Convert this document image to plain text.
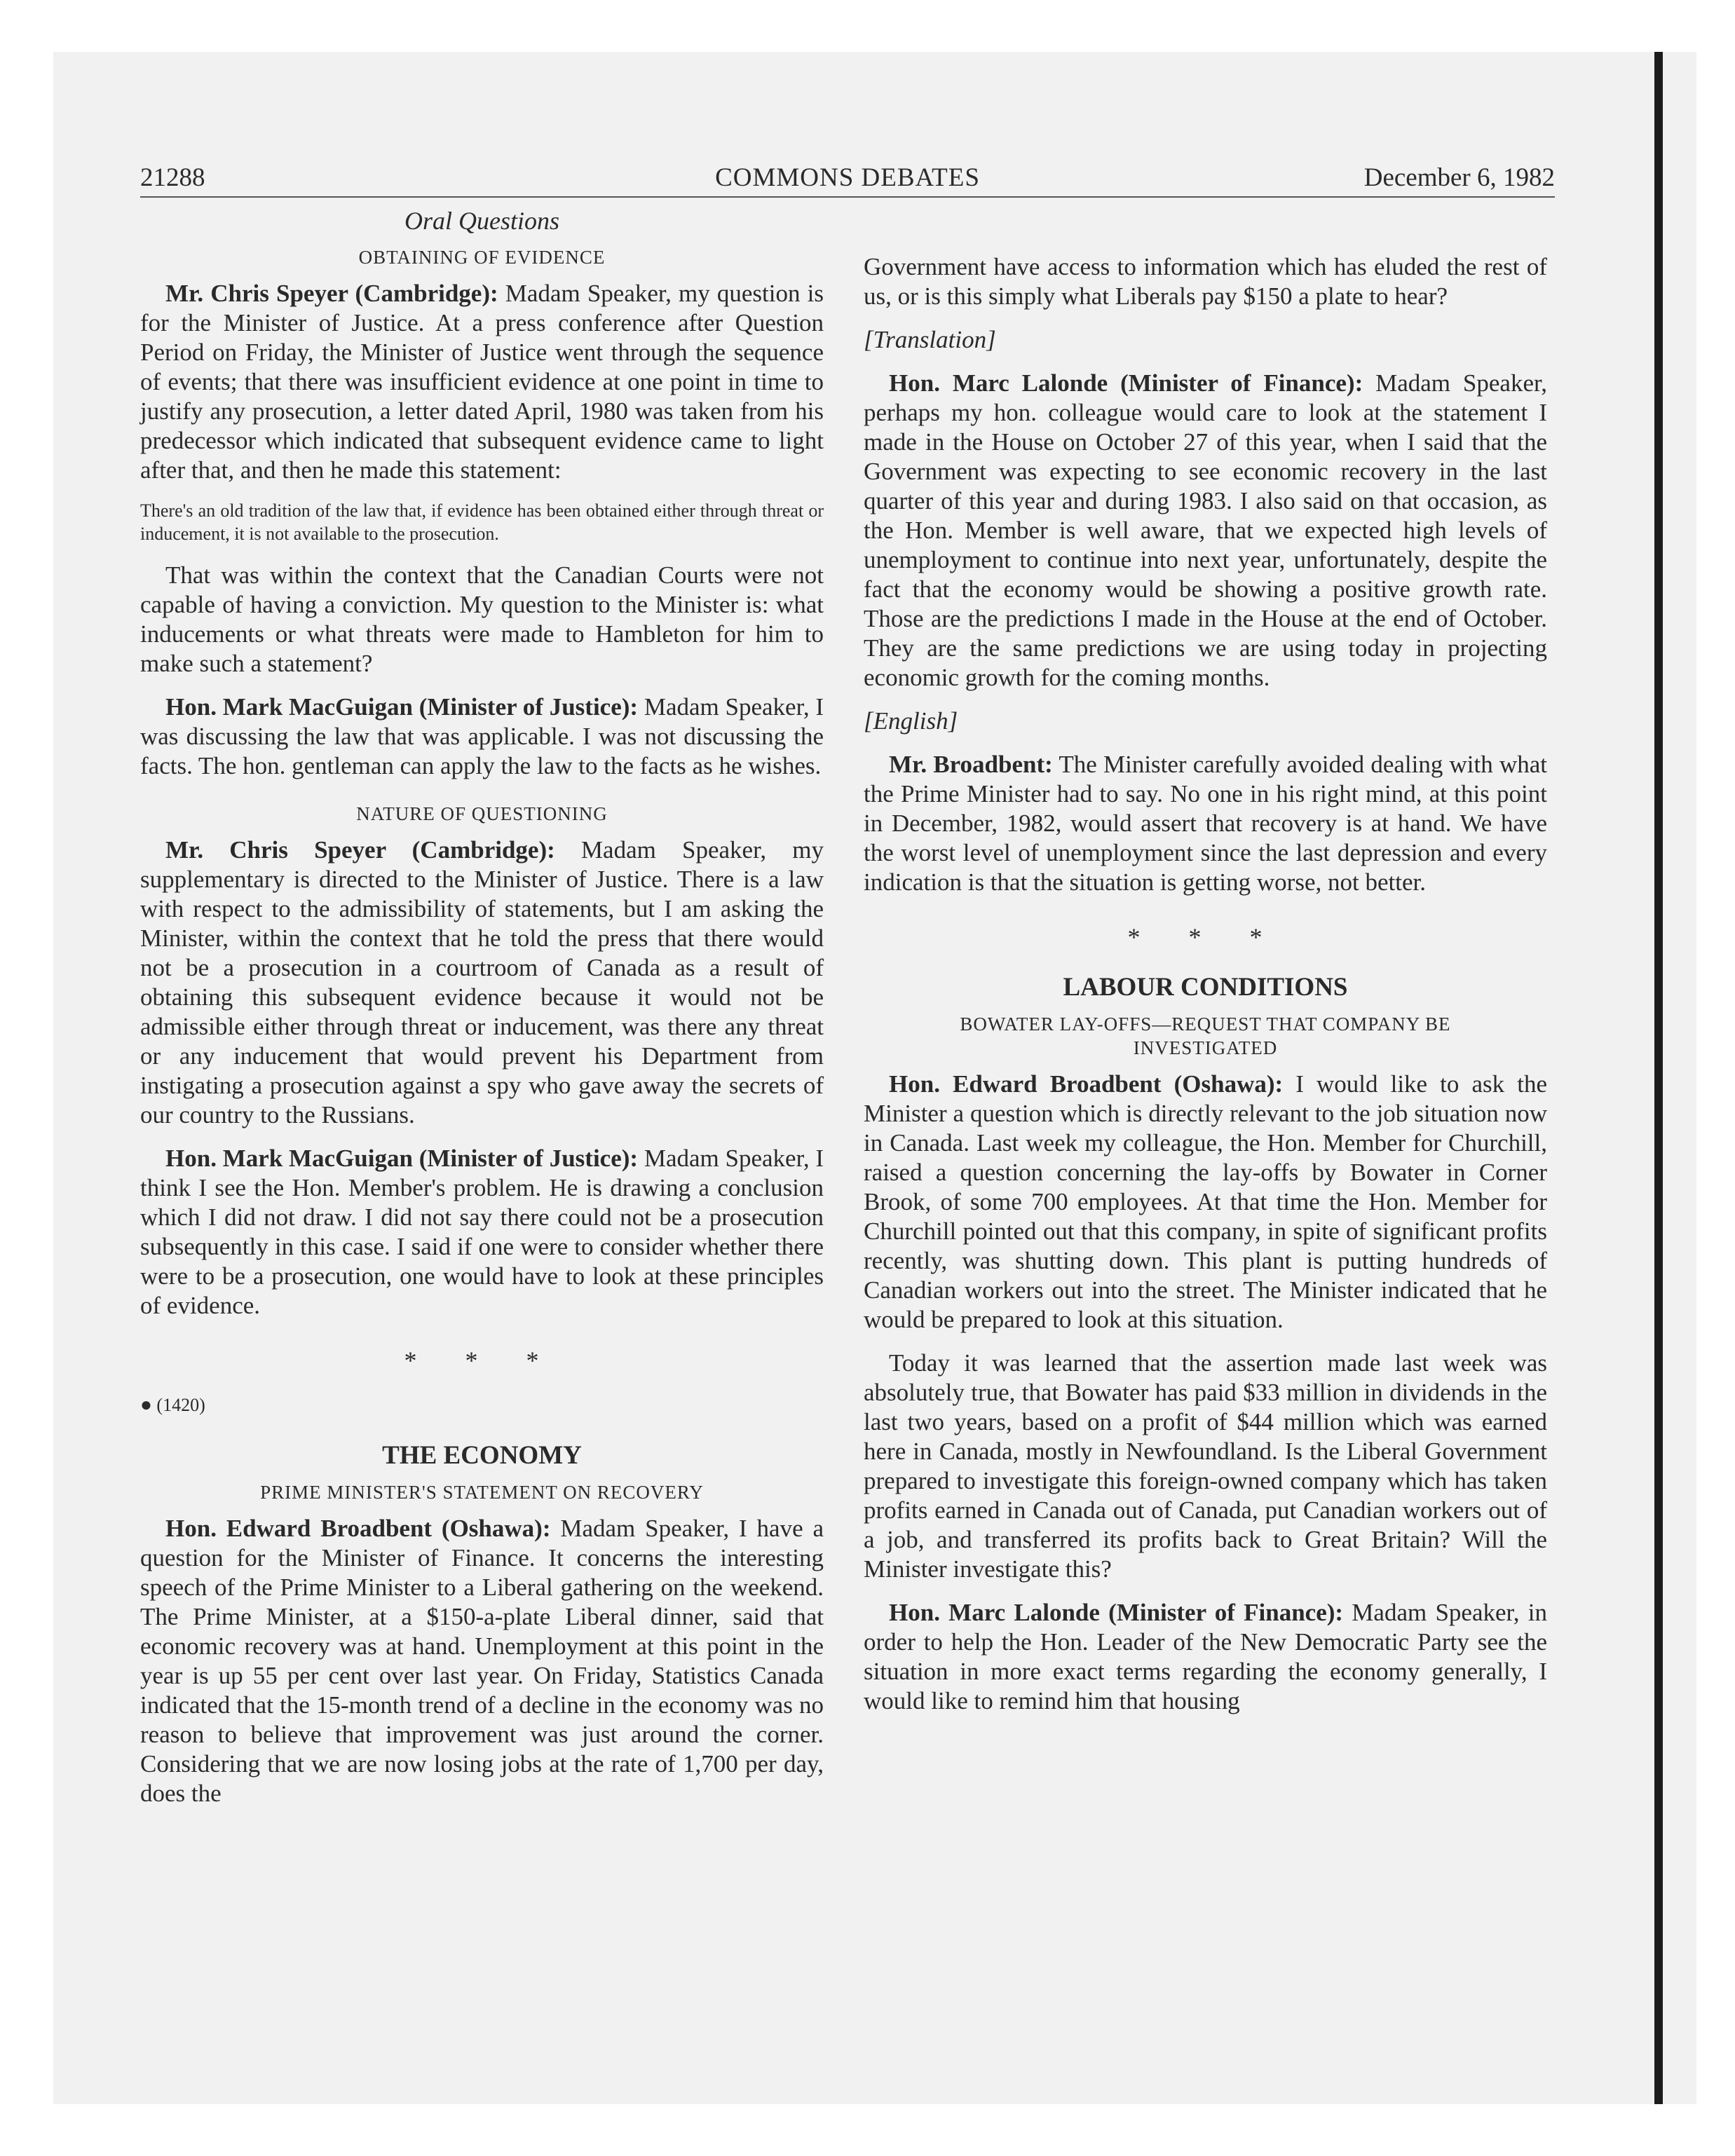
21288	COMMONS DEBATES	December 6, 1982
Oral Questions
OBTAINING OF EVIDENCE

Mr. Chris Speyer (Cambridge): Madam Speaker, my question is for the Minister of Justice. At a press conference after Question Period on Friday, the Minister of Justice went through the sequence of events; that there was insufficient evidence at one point in time to justify any prosecution, a letter dated April, 1980 was taken from his predecessor which indicated that subsequent evidence came to light after that, and then he made this statement:

There's an old tradition of the law that, if evidence has been obtained either through threat or inducement, it is not available to the prosecution.

That was within the context that the Canadian Courts were not capable of having a conviction. My question to the Minister is: what inducements or what threats were made to Hambleton for him to make such a statement?

Hon. Mark MacGuigan (Minister of Justice): Madam Speaker, I was discussing the law that was applicable. I was not discussing the facts. The hon. gentleman can apply the law to the facts as he wishes.

NATURE OF QUESTIONING

Mr. Chris Speyer (Cambridge): Madam Speaker, my supplementary is directed to the Minister of Justice. There is a law with respect to the admissibility of statements, but I am asking the Minister, within the context that he told the press that there would not be a prosecution in a courtroom of Canada as a result of obtaining this subsequent evidence because it would not be admissible either through threat or inducement, was there any threat or any inducement that would prevent his Department from instigating a prosecution against a spy who gave away the secrets of our country to the Russians.

Hon. Mark MacGuigan (Minister of Justice): Madam Speaker, I think I see the Hon. Member's problem. He is drawing a conclusion which I did not draw. I did not say there could not be a prosecution subsequently in this case. I said if one were to consider whether there were to be a prosecution, one would have to look at these principles of evidence.

* * *
● (1420)
THE ECONOMY
PRIME MINISTER'S STATEMENT ON RECOVERY

Hon. Edward Broadbent (Oshawa): Madam Speaker, I have a question for the Minister of Finance. It concerns the interesting speech of the Prime Minister to a Liberal gathering on the weekend. The Prime Minister, at a $150-a-plate Liberal dinner, said that economic recovery was at hand. Unemployment at this point in the year is up 55 per cent over last year. On Friday, Statistics Canada indicated that the 15-month trend of a decline in the economy was no reason to believe that improvement was just around the corner. Considering that we are now losing jobs at the rate of 1,700 per day, does the

Government have access to information which has eluded the rest of us, or is this simply what Liberals pay $150 a plate to hear?

[Translation]

Hon. Marc Lalonde (Minister of Finance): Madam Speaker, perhaps my hon. colleague would care to look at the statement I made in the House on October 27 of this year, when I said that the Government was expecting to see economic recovery in the last quarter of this year and during 1983. I also said on that occasion, as the Hon. Member is well aware, that we expected high levels of unemployment to continue into next year, unfortunately, despite the fact that the economy would be showing a positive growth rate. Those are the predictions I made in the House at the end of October. They are the same predictions we are using today in projecting economic growth for the coming months.

[English]

Mr. Broadbent: The Minister carefully avoided dealing with what the Prime Minister had to say. No one in his right mind, at this point in December, 1982, would assert that recovery is at hand. We have the worst level of unemployment since the last depression and every indication is that the situation is getting worse, not better.

* * *
LABOUR CONDITIONS
BOWATER LAY-OFFS—REQUEST THAT COMPANY BE INVESTIGATED

Hon. Edward Broadbent (Oshawa): I would like to ask the Minister a question which is directly relevant to the job situation now in Canada. Last week my colleague, the Hon. Member for Churchill, raised a question concerning the lay-offs by Bowater in Corner Brook, of some 700 employees. At that time the Hon. Member for Churchill pointed out that this company, in spite of significant profits recently, was shutting down. This plant is putting hundreds of Canadian workers out into the street. The Minister indicated that he would be prepared to look at this situation.

Today it was learned that the assertion made last week was absolutely true, that Bowater has paid $33 million in dividends in the last two years, based on a profit of $44 million which was earned here in Canada, mostly in Newfoundland. Is the Liberal Government prepared to investigate this foreign-owned company which has taken profits earned in Canada out of Canada, put Canadian workers out of a job, and transferred its profits back to Great Britain? Will the Minister investigate this?

Hon. Marc Lalonde (Minister of Finance): Madam Speaker, in order to help the Hon. Leader of the New Democratic Party see the situation in more exact terms regarding the economy generally, I would like to remind him that housing
